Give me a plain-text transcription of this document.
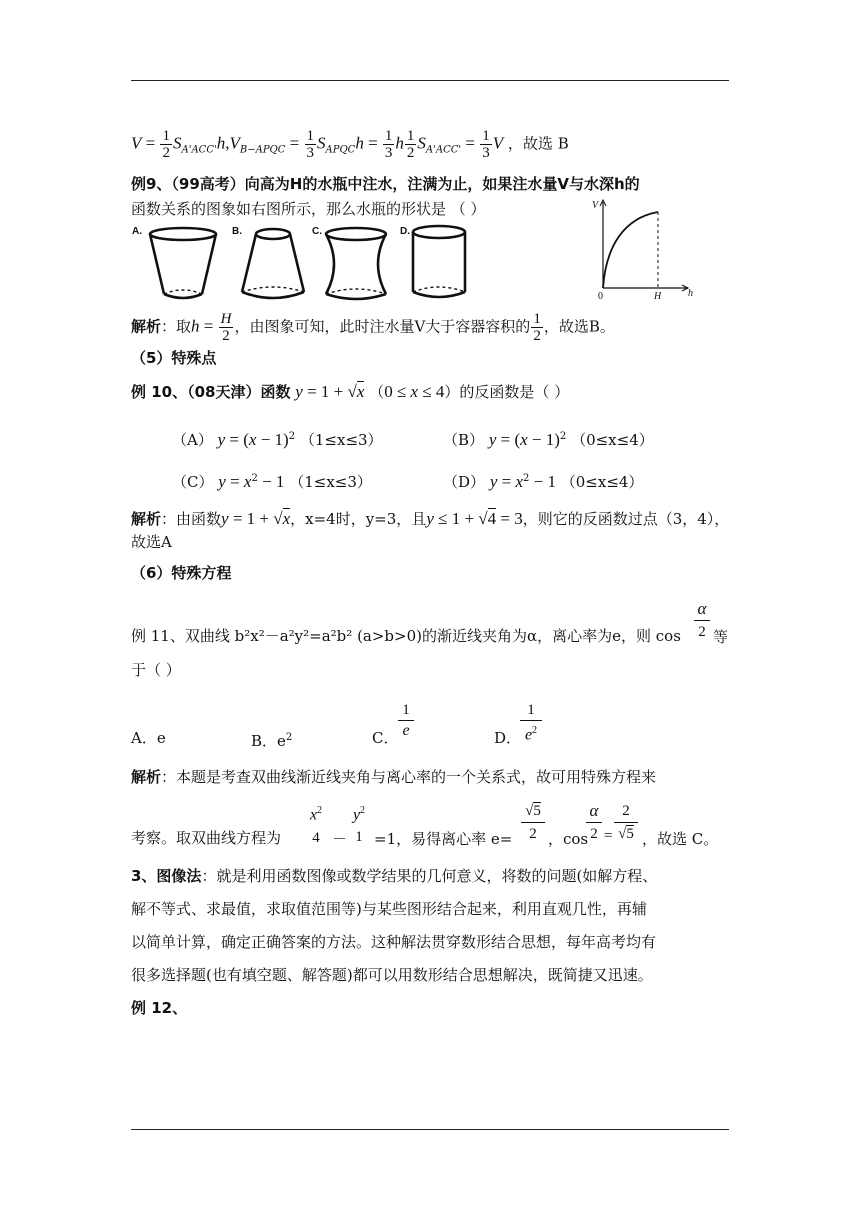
$V = \frac{1}{2} S_{A'ACC'}h,V_{B-APQC} = \frac{1}{3} S_{APQC}h = \frac{1}{3}$ h $\frac{1}{2} S_{A'ACC'} = \frac{1}{3}$ V ，故选 B
例9、（99高考）向高为H的水瓶中注水，注满为止，如果注水量V与水深h的
函数关系的图象如右图所示，那么水瓶的形状是 （ ）
A.	B.	C.	D.
V
h
0	H
解析：取$h = \frac{H}{2}$ ，由图象可知，此时注水量V大于容器容积的 $\frac{1}{2}$ ，故选B。
（5）特殊点
例 10、（08天津）函数 y = 1 + √x （0 ≤ x ≤ 4）的反函数是（ ）
（A） $y = (x - 1)^2$ （1≤x≤3）	（B） $y = (x - 1)^2$ （0≤x≤4）
（C） $y = x^2 - 1$ （1≤x≤3）	（D） $y = x^2 - 1$ （0≤x≤4）
解析：由函数y = 1 + √x，x=4时，y=3，且y ≤ 1 + √4 = 3，则它的反函数过点（3，4），
故选A
（6）特殊方程
例 11、双曲线 b²x²－a²y²=a²b² (a>b>0)的渐近线夹角为α，离心率为e，则 cos
α
2 等
于（ ）
A．e	B．$e^2$	C．
1
e	D．
1
$e^2$
解析：本题是考查双曲线渐近线夹角与离心率的一个关系式，故可用特殊方程来
考察。取双曲线方程为
$x^2$
4 －
$y^2$
1 =1，易得离心率 e=
√5
2 ，cos
α
2 =
2
√5 ，故选 C。
3、图像法：就是利用函数图像或数学结果的几何意义，将数的问题(如解方程、
解不等式、求最值，求取值范围等)与某些图形结合起来，利用直观几性，再辅
以简单计算，确定正确答案的方法。这种解法贯穿数形结合思想，每年高考均有
很多选择题(也有填空题、解答题)都可以用数形结合思想解决，既简捷又迅速。
例 12、
